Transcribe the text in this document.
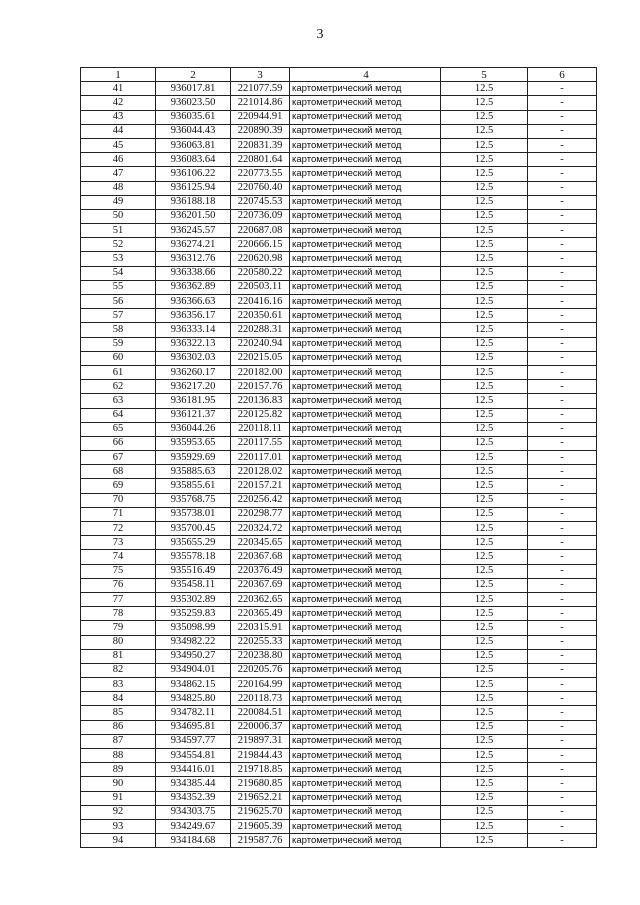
3
1	2	3	4	5	6
41	936017.81	221077.59	картометрический метод	12.5	-
42	936023.50	221014.86	картометрический метод	12.5	-
43	936035.61	220944.91	картометрический метод	12.5	-
44	936044.43	220890.39	картометрический метод	12.5	-
45	936063.81	220831.39	картометрический метод	12.5	-
46	936083.64	220801.64	картометрический метод	12.5	-
47	936106.22	220773.55	картометрический метод	12.5	-
48	936125.94	220760.40	картометрический метод	12.5	-
49	936188.18	220745.53	картометрический метод	12.5	-
50	936201.50	220736.09	картометрический метод	12.5	-
51	936245.57	220687.08	картометрический метод	12.5	-
52	936274.21	220666.15	картометрический метод	12.5	-
53	936312.76	220620.98	картометрический метод	12.5	-
54	936338.66	220580.22	картометрический метод	12.5	-
55	936362.89	220503.11	картометрический метод	12.5	-
56	936366.63	220416.16	картометрический метод	12.5	-
57	936356.17	220350.61	картометрический метод	12.5	-
58	936333.14	220288.31	картометрический метод	12.5	-
59	936322.13	220240.94	картометрический метод	12.5	-
60	936302.03	220215.05	картометрический метод	12.5	-
61	936260.17	220182.00	картометрический метод	12.5	-
62	936217.20	220157.76	картометрический метод	12.5	-
63	936181.95	220136.83	картометрический метод	12.5	-
64	936121.37	220125.82	картометрический метод	12.5	-
65	936044.26	220118.11	картометрический метод	12.5	-
66	935953.65	220117.55	картометрический метод	12.5	-
67	935929.69	220117.01	картометрический метод	12.5	-
68	935885.63	220128.02	картометрический метод	12.5	-
69	935855.61	220157.21	картометрический метод	12.5	-
70	935768.75	220256.42	картометрический метод	12.5	-
71	935738.01	220298.77	картометрический метод	12.5	-
72	935700.45	220324.72	картометрический метод	12.5	-
73	935655.29	220345.65	картометрический метод	12.5	-
74	935578.18	220367.68	картометрический метод	12.5	-
75	935516.49	220376.49	картометрический метод	12.5	-
76	935458.11	220367.69	картометрический метод	12.5	-
77	935302.89	220362.65	картометрический метод	12.5	-
78	935259.83	220365.49	картометрический метод	12.5	-
79	935098.99	220315.91	картометрический метод	12.5	-
80	934982.22	220255.33	картометрический метод	12.5	-
81	934950.27	220238.80	картометрический метод	12.5	-
82	934904.01	220205.76	картометрический метод	12.5	-
83	934862.15	220164.99	картометрический метод	12.5	-
84	934825.80	220118.73	картометрический метод	12.5	-
85	934782.11	220084.51	картометрический метод	12.5	-
86	934695.81	220006.37	картометрический метод	12.5	-
87	934597.77	219897.31	картометрический метод	12.5	-
88	934554.81	219844.43	картометрический метод	12.5	-
89	934416.01	219718.85	картометрический метод	12.5	-
90	934385.44	219680.85	картометрический метод	12.5	-
91	934352.39	219652.21	картометрический метод	12.5	-
92	934303.75	219625.70	картометрический метод	12.5	-
93	934249.67	219605.39	картометрический метод	12.5	-
94	934184.68	219587.76	картометрический метод	12.5	-
